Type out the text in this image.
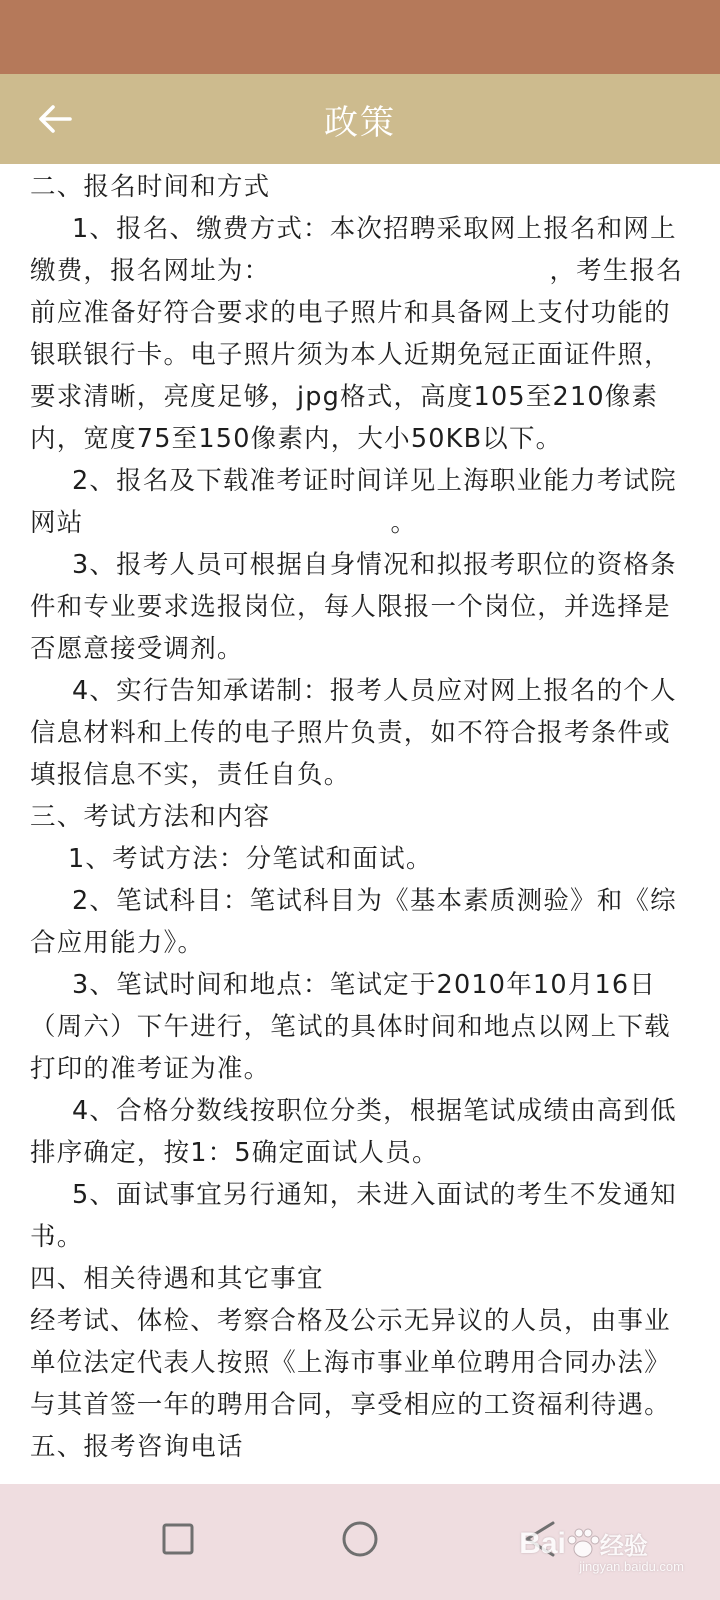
政策

二、报名时间和方式

1、报名、缴费方式：本次招聘采取网上报名和网上缴费，报名网址为：                              ，考生报名前应准备好符合要求的电子照片和具备网上支付功能的银联银行卡。电子照片须为本人近期免冠正面证件照，要求清晰，亮度足够，jpg格式，高度105至210像素内，宽度75至150像素内，大小50KB以下。

2、报名及下载准考证时间详见上海职业能力考试院网站                                 。

3、报考人员可根据自身情况和拟报考职位的资格条件和专业要求选报岗位，每人限报一个岗位，并选择是否愿意接受调剂。

4、实行告知承诺制：报考人员应对网上报名的个人信息材料和上传的电子照片负责，如不符合报考条件或填报信息不实，责任自负。

三、考试方法和内容

1、考试方法：分笔试和面试。

2、笔试科目：笔试科目为《基本素质测验》和《综合应用能力》。

3、笔试时间和地点：笔试定于2010年10月16日（周六）下午进行，笔试的具体时间和地点以网上下载打印的准考证为准。

4、合格分数线按职位分类，根据笔试成绩由高到低排序确定，按1：5确定面试人员。

5、面试事宜另行通知，未进入面试的考生不发通知书。

四、相关待遇和其它事宜

经考试、体检、考察合格及公示无异议的人员，由事业单位法定代表人按照《上海市事业单位聘用合同办法》与其首签一年的聘用合同，享受相应的工资福利待遇。

五、报考咨询电话

Bai 经验
jingyan.baidu.com
